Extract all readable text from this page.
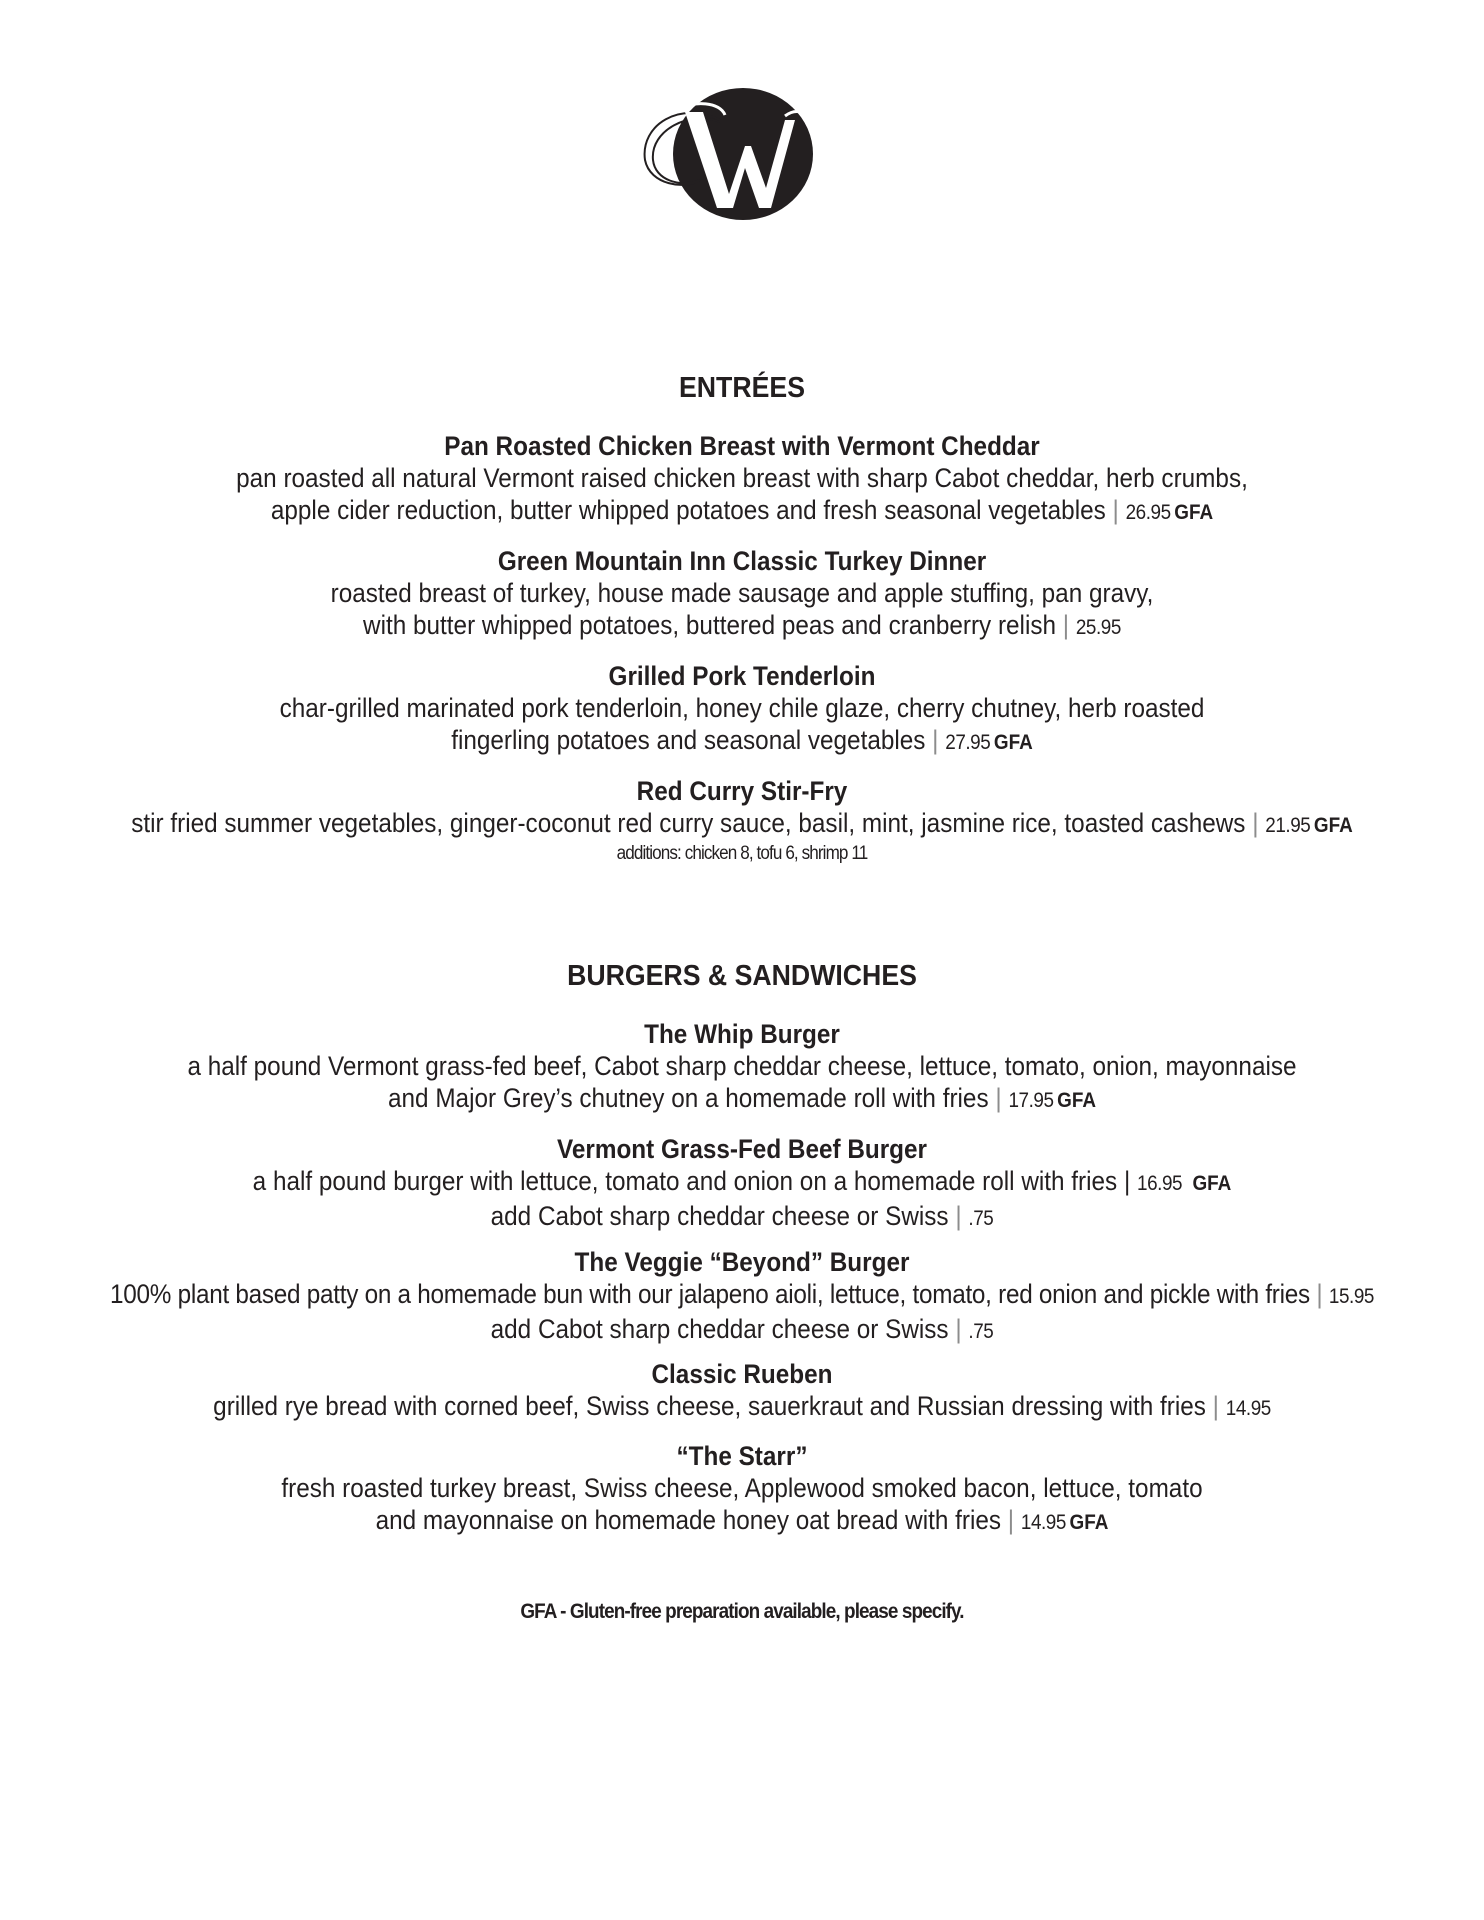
ENTRÉES
Pan Roasted Chicken Breast with Vermont Cheddar
pan roasted all natural Vermont raised chicken breast with sharp Cabot cheddar, herb crumbs,
apple cider reduction, butter whipped potatoes and fresh seasonal vegetables | 26.95 GFA
Green Mountain Inn Classic Turkey Dinner
roasted breast of turkey, house made sausage and apple stuffing, pan gravy,
with butter whipped potatoes, buttered peas and cranberry relish | 25.95
Grilled Pork Tenderloin
char-grilled marinated pork tenderloin, honey chile glaze, cherry chutney, herb roasted
fingerling potatoes and seasonal vegetables | 27.95 GFA
Red Curry Stir-Fry
stir fried summer vegetables, ginger-coconut red curry sauce, basil, mint, jasmine rice, toasted cashews | 21.95 GFA
additions: chicken 8, tofu 6, shrimp 11
BURGERS & SANDWICHES
The Whip Burger
a half pound Vermont grass-fed beef, Cabot sharp cheddar cheese, lettuce, tomato, onion, mayonnaise
and Major Grey’s chutney on a homemade roll with fries | 17.95 GFA
Vermont Grass-Fed Beef Burger
a half pound burger with lettuce, tomato and onion on a homemade roll with fries | 16.95 GFA
add Cabot sharp cheddar cheese or Swiss | .75
The Veggie “Beyond” Burger
100% plant based patty on a homemade bun with our jalapeno aioli, lettuce, tomato, red onion and pickle with fries | 15.95
add Cabot sharp cheddar cheese or Swiss | .75
Classic Rueben
grilled rye bread with corned beef, Swiss cheese, sauerkraut and Russian dressing with fries | 14.95
“The Starr”
fresh roasted turkey breast, Swiss cheese, Applewood smoked bacon, lettuce, tomato
and mayonnaise on homemade honey oat bread with fries | 14.95 GFA
GFA - Gluten-free preparation available, please specify.
